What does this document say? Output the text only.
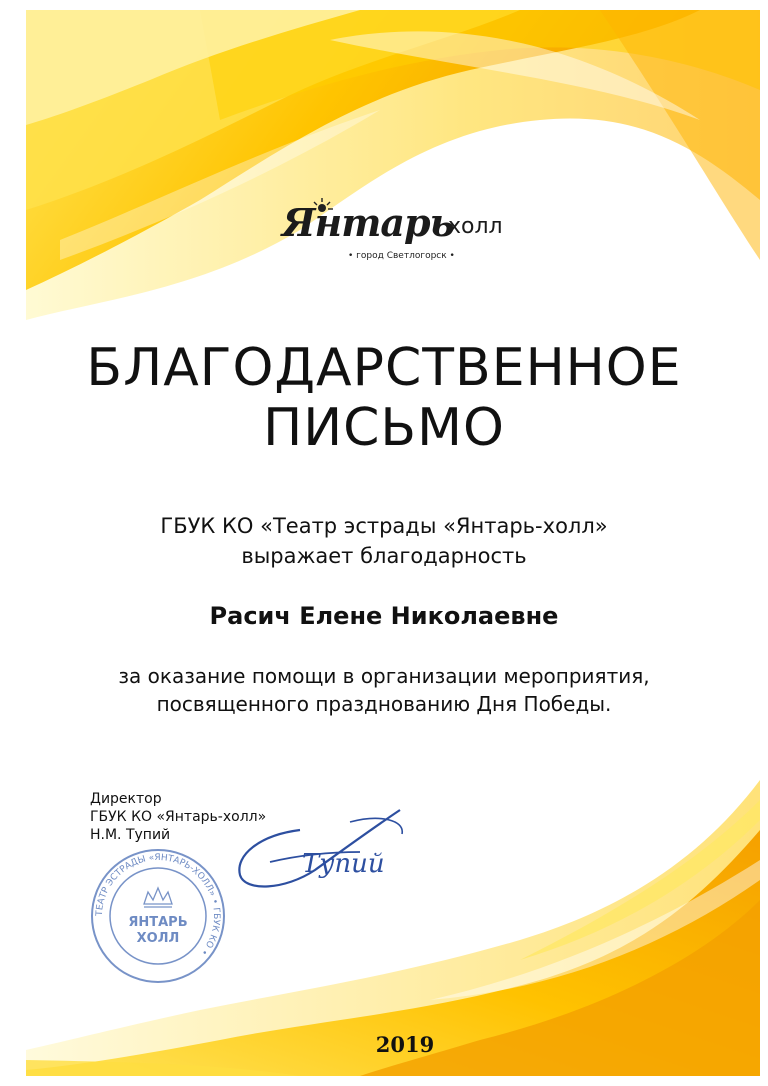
Янтарь
холл
• город Светлогорск •
БЛАГОДАРСТВЕННОЕ
ПИСЬМО
ГБУК КО «Театр эстрады «Янтарь-холл»
выражает благодарность
Расич Елене Николаевне
за оказание помощи в организации мероприятия,
посвященного празднованию Дня Победы.
Директор
ГБУК КО «Янтарь-холл»
Н.М. Тупий
ТЕАТР ЭСТРАДЫ «ЯНТАРЬ-ХОЛЛ» • ГБУК КО •
ЯНТАРЬ
ХОЛЛ
Тупий
2019
